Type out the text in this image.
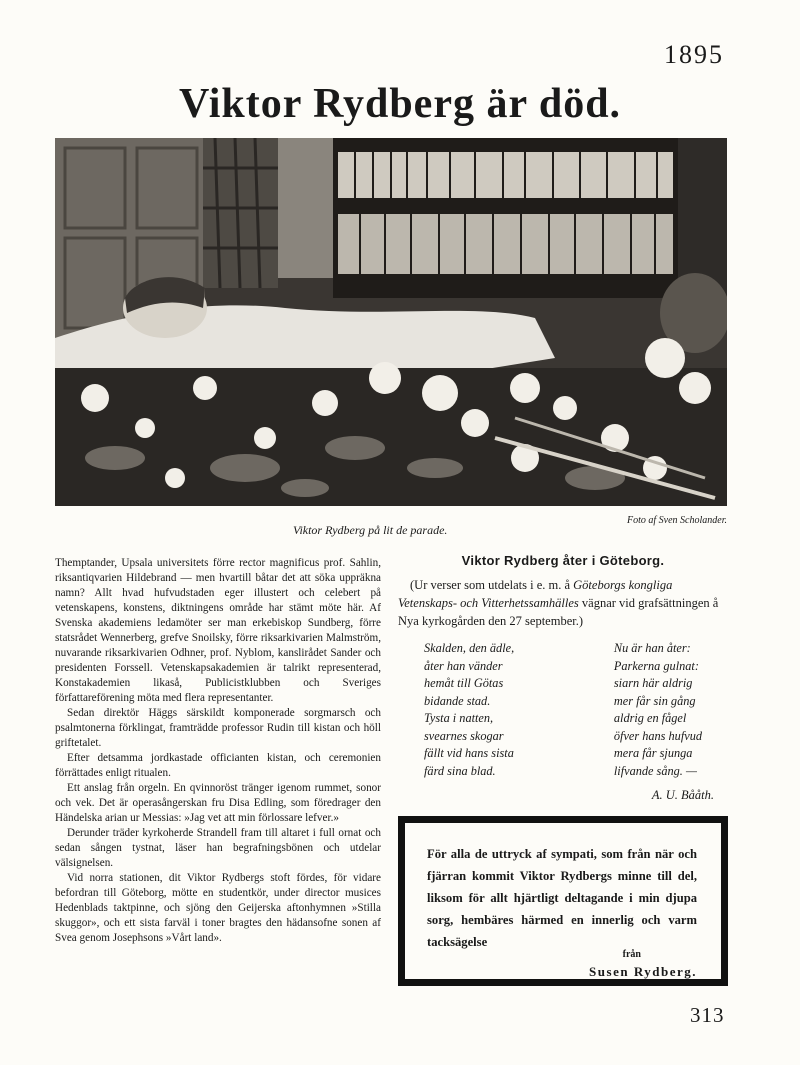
1895
Viktor Rydberg är död.
Viktor Rydberg på lit de parade.
Foto af Sven Scholander.

Themptander, Upsala universitets förre rector magnificus prof. Sahlin, riksantiqvarien Hildebrand — men hvartill båtar det att söka uppräkna namn? Allt hvad hufvudstaden eger illustert och celebert på vetenskapens, konstens, diktningens område har stämt möte här. Af Svenska akademiens ledamöter ser man erkebiskop Sundberg, förre statsrådet Wennerberg, grefve Snoilsky, förre riksarkivarien Malmström, nuvarande riksarkivarien Odhner, prof. Nyblom, kanslirådet Sander och presidenten Forssell. Vetenskapsakademien är talrikt representerad, Konstakademien likaså, Publicistklubben och Sveriges författareförening möta med flera representanter.

Sedan direktör Häggs särskildt komponerade sorgmarsch och psalmtonerna förklingat, framträdde professor Rudin till kistan och höll griftetalet.

Efter detsamma jordkastade officianten kistan, och ceremonien förrättades enligt ritualen.

Ett anslag från orgeln. En qvinnoröst tränger igenom rummet, sonor och vek. Det är operasångerskan fru Disa Edling, som föredrager den Händelska arian ur Messias: »Jag vet att min förlossare lefver.»

Derunder träder kyrkoherde Strandell fram till altaret i full ornat och sedan sången tystnat, läser han begrafningsbönen och utdelar välsignelsen.

Vid norra stationen, dit Viktor Rydbergs stoft fördes, för vidare befordran till Göteborg, mötte en studentkör, under director musices Hedenblads taktpinne, och sjöng den Geijerska aftonhymnen »Stilla skuggor», och ett sista farväl i toner bragtes den hädansofne sonen af Svea genom Josephsons »Vårt land».

Viktor Rydberg åter i Göteborg.

(Ur verser som utdelats i e. m. å Göteborgs kongliga Vetenskaps- och Vitterhetssamhälles vägnar vid grafsättningen å Nya kyrkogården den 27 september.)

Skalden, den ädle,
åter han vänder
hemåt till Götas
bidande stad.
Tysta i natten,
svearnes skogar
fällt vid hans sista
färd sina blad.
Nu är han åter:
Parkerna gulnat:
siarn här aldrig
mer får sin gång
aldrig en fågel
öfver hans hufvud
mera får sjunga
lifvande sång. —
A. U. Bååth.
För alla de uttryck af sympati, som från när och fjärran kommit Viktor Rydbergs minne till del, liksom för allt hjärtligt deltagande i min djupa sorg, hembäres härmed en innerlig och varm tacksägelse
från
Susen Rydberg.
313
